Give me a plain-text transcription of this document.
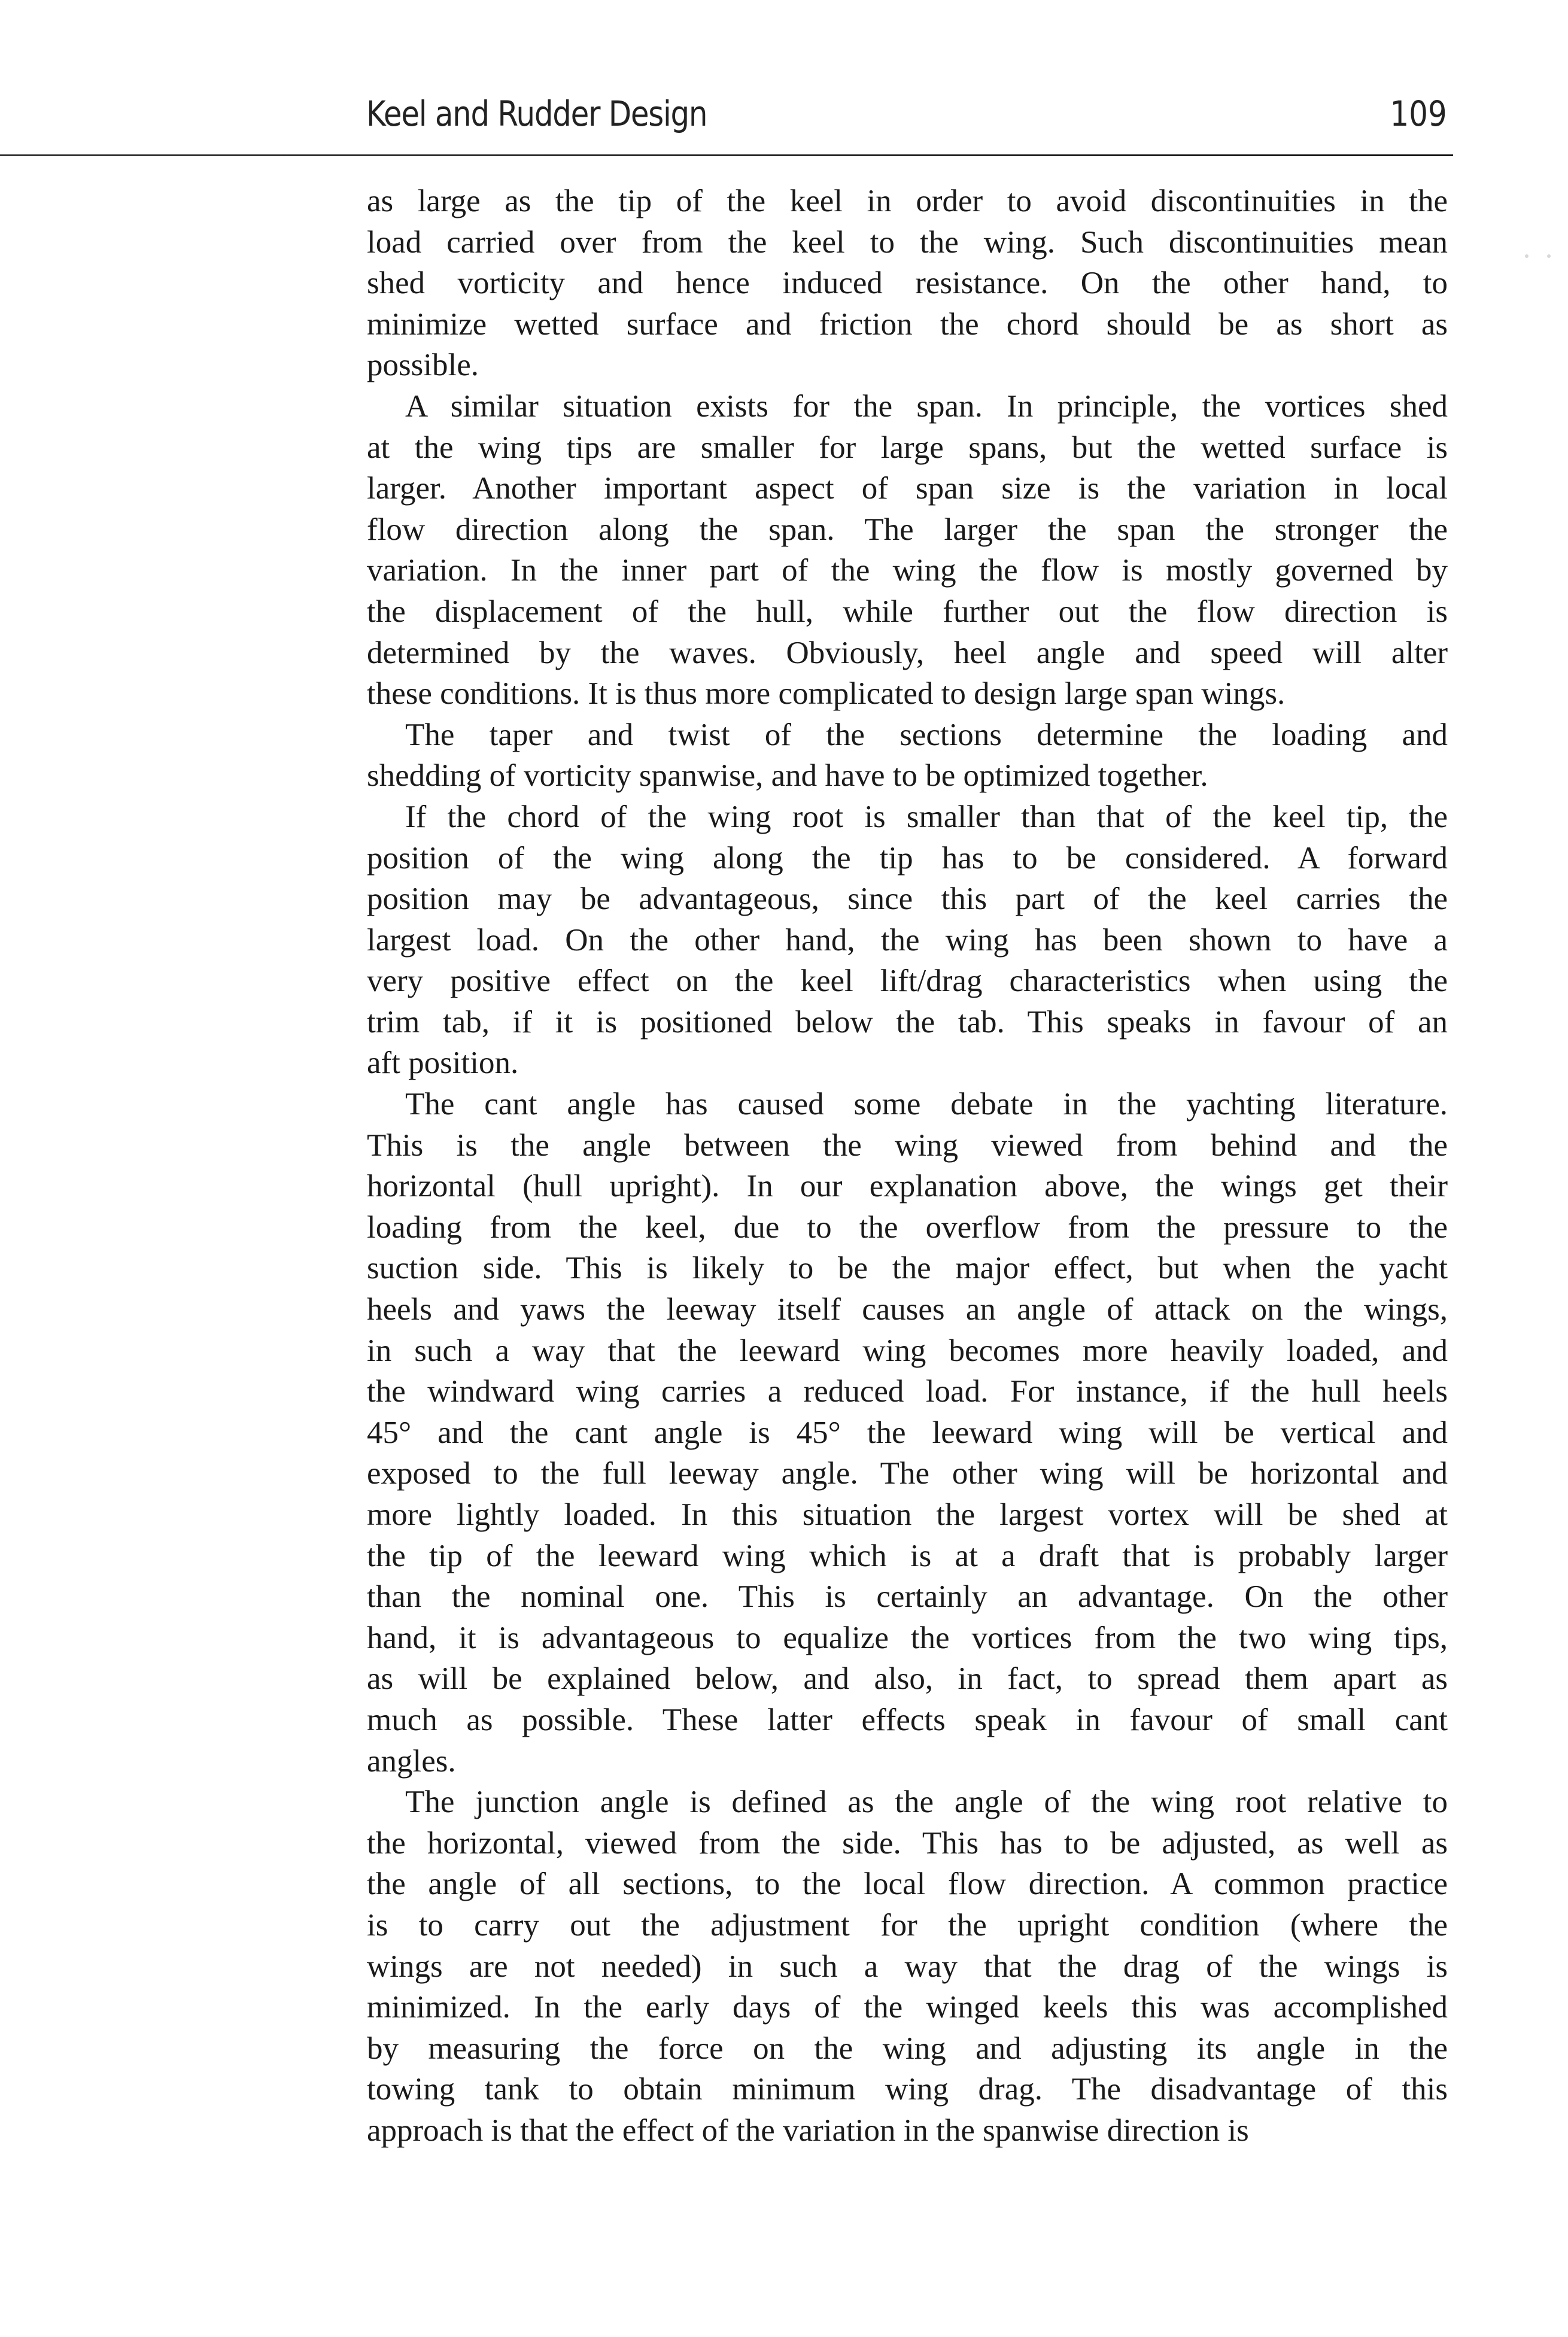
Keel and Rudder Design	109
as large as the tip of the keel in order to avoid discontinuities in the
load carried over from the keel to the wing. Such discontinuities mean
shed vorticity and hence induced resistance. On the other hand, to
minimize wetted surface and friction the chord should be as short as
possible.
A similar situation exists for the span. In principle, the vortices shed
at the wing tips are smaller for large spans, but the wetted surface is
larger. Another important aspect of span size is the variation in local
flow direction along the span. The larger the span the stronger the
variation. In the inner part of the wing the flow is mostly governed by
the displacement of the hull, while further out the flow direction is
determined by the waves. Obviously, heel angle and speed will alter
these conditions. It is thus more complicated to design large span wings.
The taper and twist of the sections determine the loading and
shedding of vorticity spanwise, and have to be optimized together.
If the chord of the wing root is smaller than that of the keel tip, the
position of the wing along the tip has to be considered. A forward
position may be advantageous, since this part of the keel carries the
largest load. On the other hand, the wing has been shown to have a
very positive effect on the keel lift/drag characteristics when using the
trim tab, if it is positioned below the tab. This speaks in favour of an
aft position.
The cant angle has caused some debate in the yachting literature.
This is the angle between the wing viewed from behind and the
horizontal (hull upright). In our explanation above, the wings get their
loading from the keel, due to the overflow from the pressure to the
suction side. This is likely to be the major effect, but when the yacht
heels and yaws the leeway itself causes an angle of attack on the wings,
in such a way that the leeward wing becomes more heavily loaded, and
the windward wing carries a reduced load. For instance, if the hull heels
45° and the cant angle is 45° the leeward wing will be vertical and
exposed to the full leeway angle. The other wing will be horizontal and
more lightly loaded. In this situation the largest vortex will be shed at
the tip of the leeward wing which is at a draft that is probably larger
than the nominal one. This is certainly an advantage. On the other
hand, it is advantageous to equalize the vortices from the two wing tips,
as will be explained below, and also, in fact, to spread them apart as
much as possible. These latter effects speak in favour of small cant
angles.
The junction angle is defined as the angle of the wing root relative to
the horizontal, viewed from the side. This has to be adjusted, as well as
the angle of all sections, to the local flow direction. A common practice
is to carry out the adjustment for the upright condition (where the
wings are not needed) in such a way that the drag of the wings is
minimized. In the early days of the winged keels this was accomplished
by measuring the force on the wing and adjusting its angle in the
towing tank to obtain minimum wing drag. The disadvantage of this
approach is that the effect of the variation in the spanwise direction is
